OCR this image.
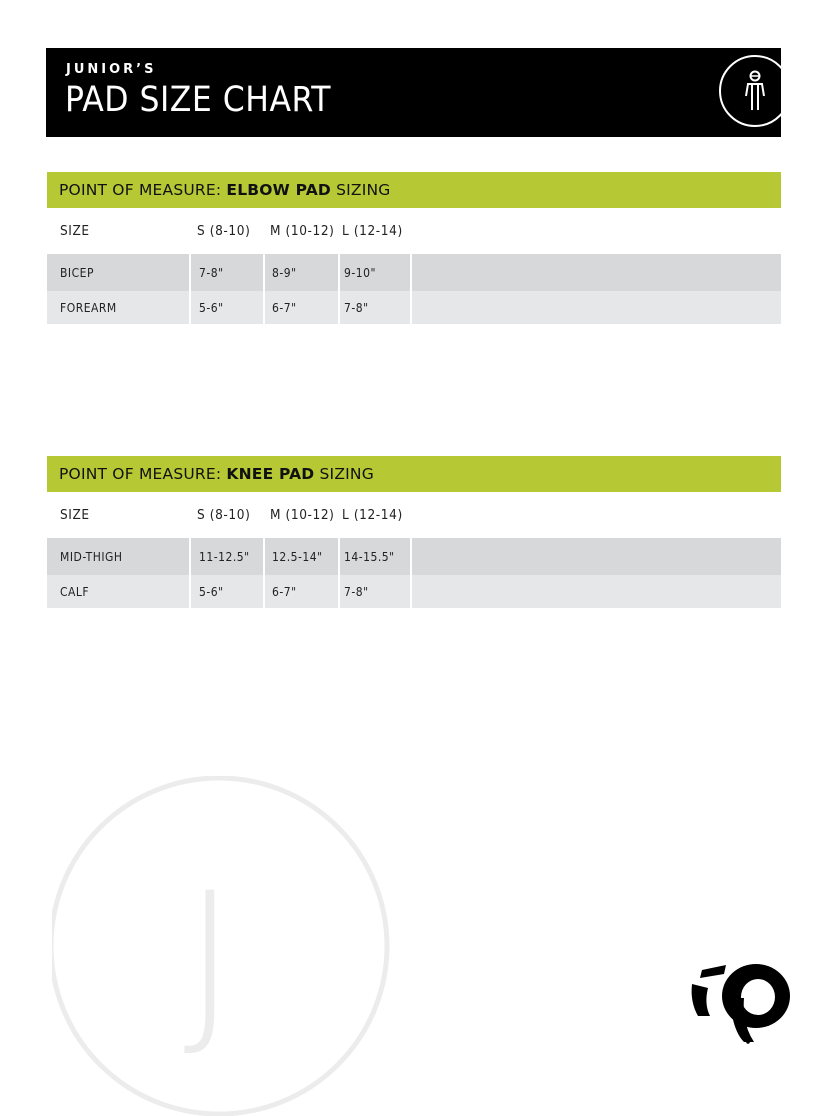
JUNIOR’S
PAD SIZE CHART
POINT OF MEASURE: ELBOW PAD SIZING
SIZE	S (8-10)	M (10-12) L (12-14)
BICEP	7-8"	8-9"	9-10"
FOREARM	5-6"	6-7"	7-8"
POINT OF MEASURE: KNEE PAD SIZING
SIZE	S (8-10)	M (10-12) L (12-14)
MID-THIGH	11-12.5"	12.5-14"	14-15.5"
CALF	5-6"	6-7"	7-8"
J
